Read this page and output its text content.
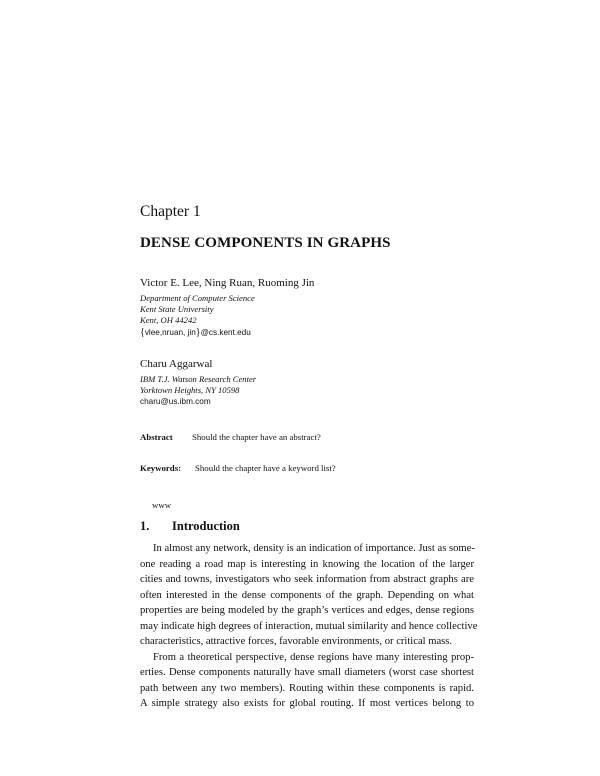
Chapter 1
DENSE COMPONENTS IN GRAPHS
Victor E. Lee, Ning Ruan, Ruoming Jin
Department of Computer Science
Kent State University
Kent, OH 44242
{vlee,nruan, jin}@cs.kent.edu
Charu Aggarwal
IBM T.J. Watson Research Center
Yorktown Heights, NY 10598
charu@us.ibm.com
Abstract Should the chapter have an abstract?
Keywords: Should the chapter have a keyword list?
www
1. Introduction
In almost any network, density is an indication of importance. Just as some-
one reading a road map is interesting in knowing the location of the larger
cities and towns, investigators who seek information from abstract graphs are
often interested in the dense components of the graph. Depending on what
properties are being modeled by the graph’s vertices and edges, dense regions
may indicate high degrees of interaction, mutual similarity and hence collective
characteristics, attractive forces, favorable environments, or critical mass.
From a theoretical perspective, dense regions have many interesting prop-
erties. Dense components naturally have small diameters (worst case shortest
path between any two members). Routing within these components is rapid.
A simple strategy also exists for global routing. If most vertices belong to
